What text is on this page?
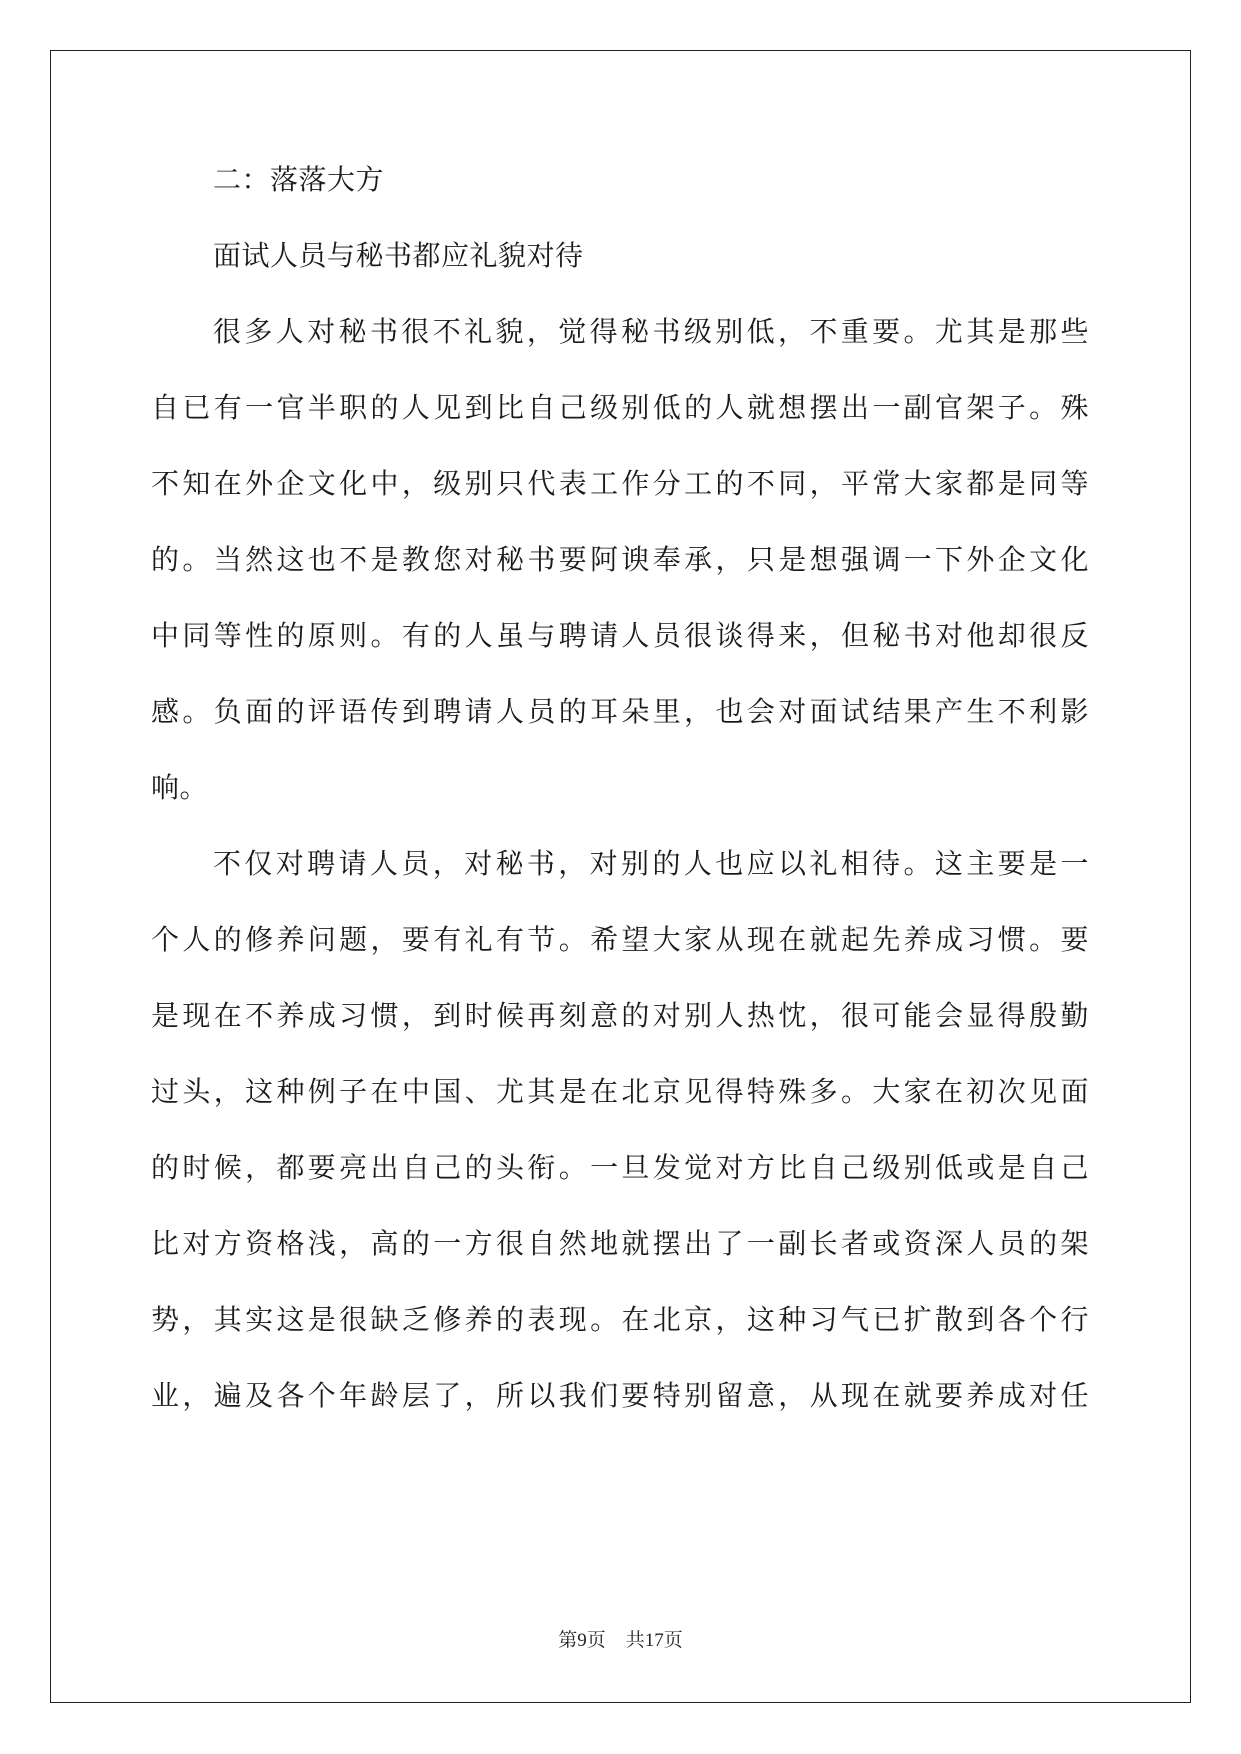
二：落落大方
面试人员与秘书都应礼貌对待
很多人对秘书很不礼貌，觉得秘书级别低，不重要。尤其是那些
自已有一官半职的人见到比自己级别低的人就想摆出一副官架子。殊
不知在外企文化中，级别只代表工作分工的不同，平常大家都是同等
的。当然这也不是教您对秘书要阿谀奉承，只是想强调一下外企文化
中同等性的原则。有的人虽与聘请人员很谈得来，但秘书对他却很反
感。负面的评语传到聘请人员的耳朵里，也会对面试结果产生不利影
响。
不仅对聘请人员，对秘书，对别的人也应以礼相待。这主要是一
个人的修养问题，要有礼有节。希望大家从现在就起先养成习惯。要
是现在不养成习惯，到时候再刻意的对别人热忱，很可能会显得殷勤
过头，这种例子在中国、尤其是在北京见得特殊多。大家在初次见面
的时候，都要亮出自己的头衔。一旦发觉对方比自己级别低或是自己
比对方资格浅，高的一方很自然地就摆出了一副长者或资深人员的架
势，其实这是很缺乏修养的表现。在北京，这种习气已扩散到各个行
业，遍及各个年龄层了，所以我们要特别留意，从现在就要养成对任
第9页 共17页
